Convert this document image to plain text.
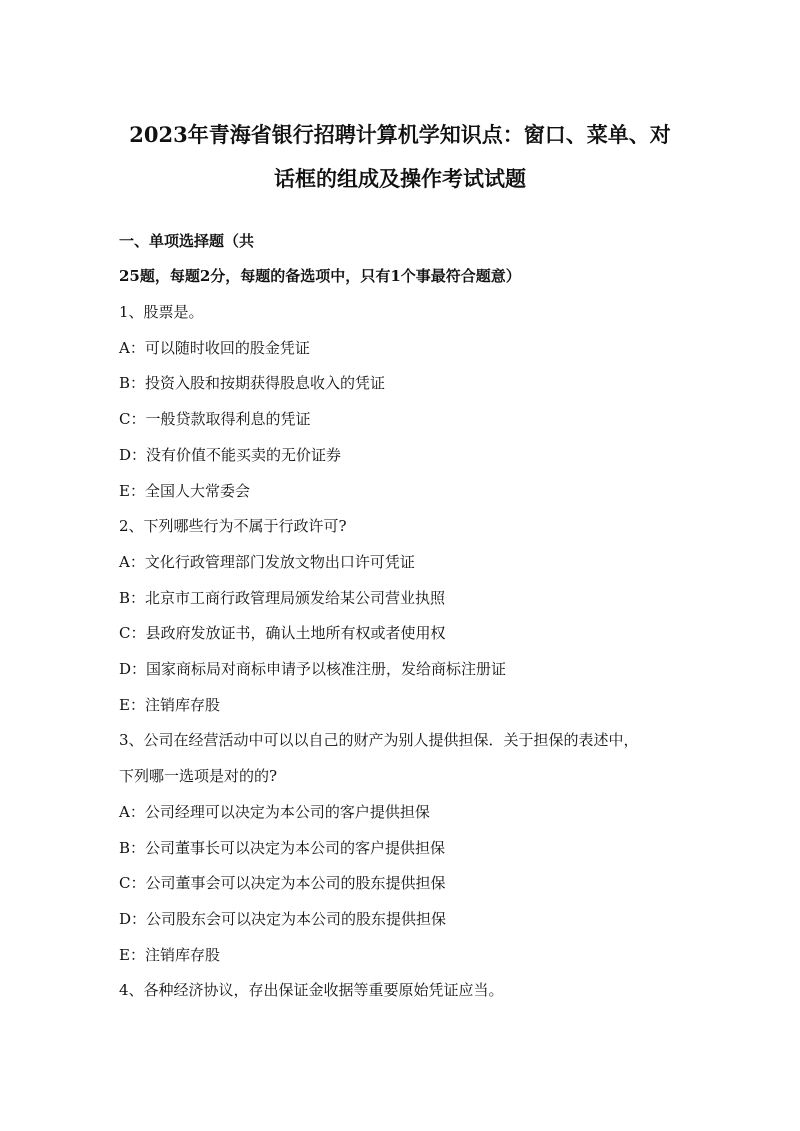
2023年青海省银行招聘计算机学知识点：窗口、菜单、对
话框的组成及操作考试试题
一、单项选择题（共
25题，每题2分，每题的备选项中，只有1个事最符合题意）
1、股票是。
A：可以随时收回的股金凭证
B：投资入股和按期获得股息收入的凭证
C：一般贷款取得利息的凭证
D：没有价值不能买卖的无价证券
E：全国人大常委会
2、下列哪些行为不属于行政许可?
A：文化行政管理部门发放文物出口许可凭证
B：北京市工商行政管理局颁发给某公司营业执照
C：县政府发放证书，确认土地所有权或者使用权
D：国家商标局对商标申请予以核准注册，发给商标注册证
E：注销库存股
3、公司在经营活动中可以以自己的财产为别人提供担保．关于担保的表述中，
下列哪一选项是对的的?
A：公司经理可以决定为本公司的客户提供担保
B：公司董事长可以决定为本公司的客户提供担保
C：公司董事会可以决定为本公司的股东提供担保
D：公司股东会可以决定为本公司的股东提供担保
E：注销库存股
4、各种经济协议，存出保证金收据等重要原始凭证应当。
